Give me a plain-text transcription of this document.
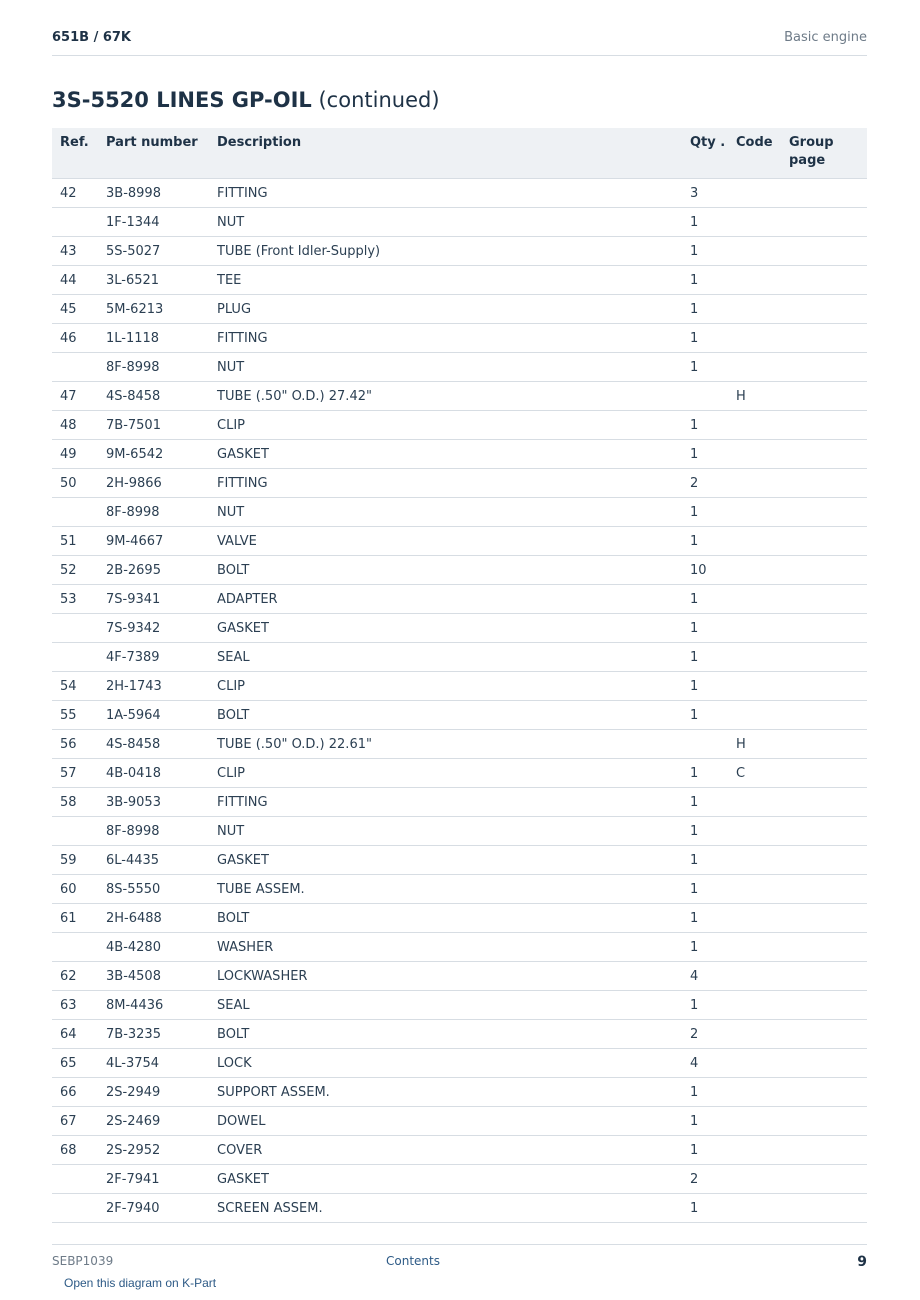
651B / 67K	Basic engine
3S-5520 LINES GP-OIL (continued)
Ref.	Part number	Description	Qty .	Code	Group page
42	3B-8998	FITTING	3		
	1F-1344	NUT	1		
43	5S-5027	TUBE (Front Idler-Supply)	1		
44	3L-6521	TEE	1		
45	5M-6213	PLUG	1		
46	1L-1118	FITTING	1		
	8F-8998	NUT	1		
47	4S-8458	TUBE (.50" O.D.) 27.42"		H	
48	7B-7501	CLIP	1		
49	9M-6542	GASKET	1		
50	2H-9866	FITTING	2		
	8F-8998	NUT	1		
51	9M-4667	VALVE	1		
52	2B-2695	BOLT	10		
53	7S-9341	ADAPTER	1		
	7S-9342	GASKET	1		
	4F-7389	SEAL	1		
54	2H-1743	CLIP	1		
55	1A-5964	BOLT	1		
56	4S-8458	TUBE (.50" O.D.) 22.61"		H	
57	4B-0418	CLIP	1	C	
58	3B-9053	FITTING	1		
	8F-8998	NUT	1		
59	6L-4435	GASKET	1		
60	8S-5550	TUBE ASSEM.	1		
61	2H-6488	BOLT	1		
	4B-4280	WASHER	1		
62	3B-4508	LOCKWASHER	4		
63	8M-4436	SEAL	1		
64	7B-3235	BOLT	2		
65	4L-3754	LOCK	4		
66	2S-2949	SUPPORT ASSEM.	1		
67	2S-2469	DOWEL	1		
68	2S-2952	COVER	1		
	2F-7941	GASKET	2		
	2F-7940	SCREEN ASSEM.	1		
SEBP1039	Contents	9
Open this diagram on K-Part
